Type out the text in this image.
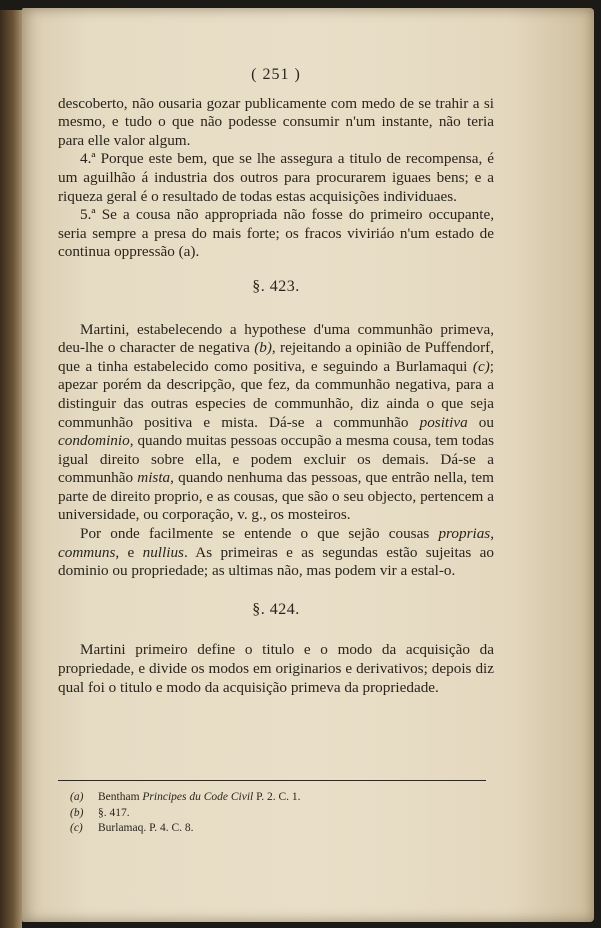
( 251 )

descoberto, não ousaria gozar publicamente com medo de se trahir a si mesmo, e tudo o que não podesse consumir n'um instante, não teria para elle valor algum.

4.ª Porque este bem, que se lhe assegura a titulo de recompensa, é um aguilhão á industria dos outros para procurarem iguaes bens; e a riqueza geral é o resultado de todas estas acquisições individuaes.

5.ª Se a cousa não appropriada não fosse do primeiro occupante, seria sempre a presa do mais forte; os fracos viviriáo n'um estado de continua oppressão (a).

§. 423.

Martini, estabelecendo a hypothese d'uma communhão primeva, deu-lhe o character de negativa (b), rejeitando a opinião de Puffendorf, que a tinha estabelecido como positiva, e seguindo a Burlamaqui (c); apezar porém da descripção, que fez, da communhão negativa, para a distinguir das outras especies de communhão, diz ainda o que seja communhão positiva e mista. Dá-se a communhão positiva ou condominio, quando muitas pessoas occupão a mesma cousa, tem todas igual direito sobre ella, e podem excluir os demais. Dá-se a communhão mista, quando nenhuma das pessoas, que entrão nella, tem parte de direito proprio, e as cousas, que são o seu objecto, pertencem a universidade, ou corporação, v. g., os mosteiros.

Por onde facilmente se entende o que sejão cousas proprias, communs, e nullius. As primeiras e as segundas estão sujeitas ao dominio ou propriedade; as ultimas não, mas podem vir a estal-o.

§. 424.

Martini primeiro define o titulo e o modo da acquisição da propriedade, e divide os modos em originarios e derivativos; depois diz qual foi o titulo e modo da acquisição primeva da propriedade.

(a)	Bentham Principes du Code Civil P. 2. C. 1.
(b)	§. 417.
(c)	Burlamaq. P. 4. C. 8.
